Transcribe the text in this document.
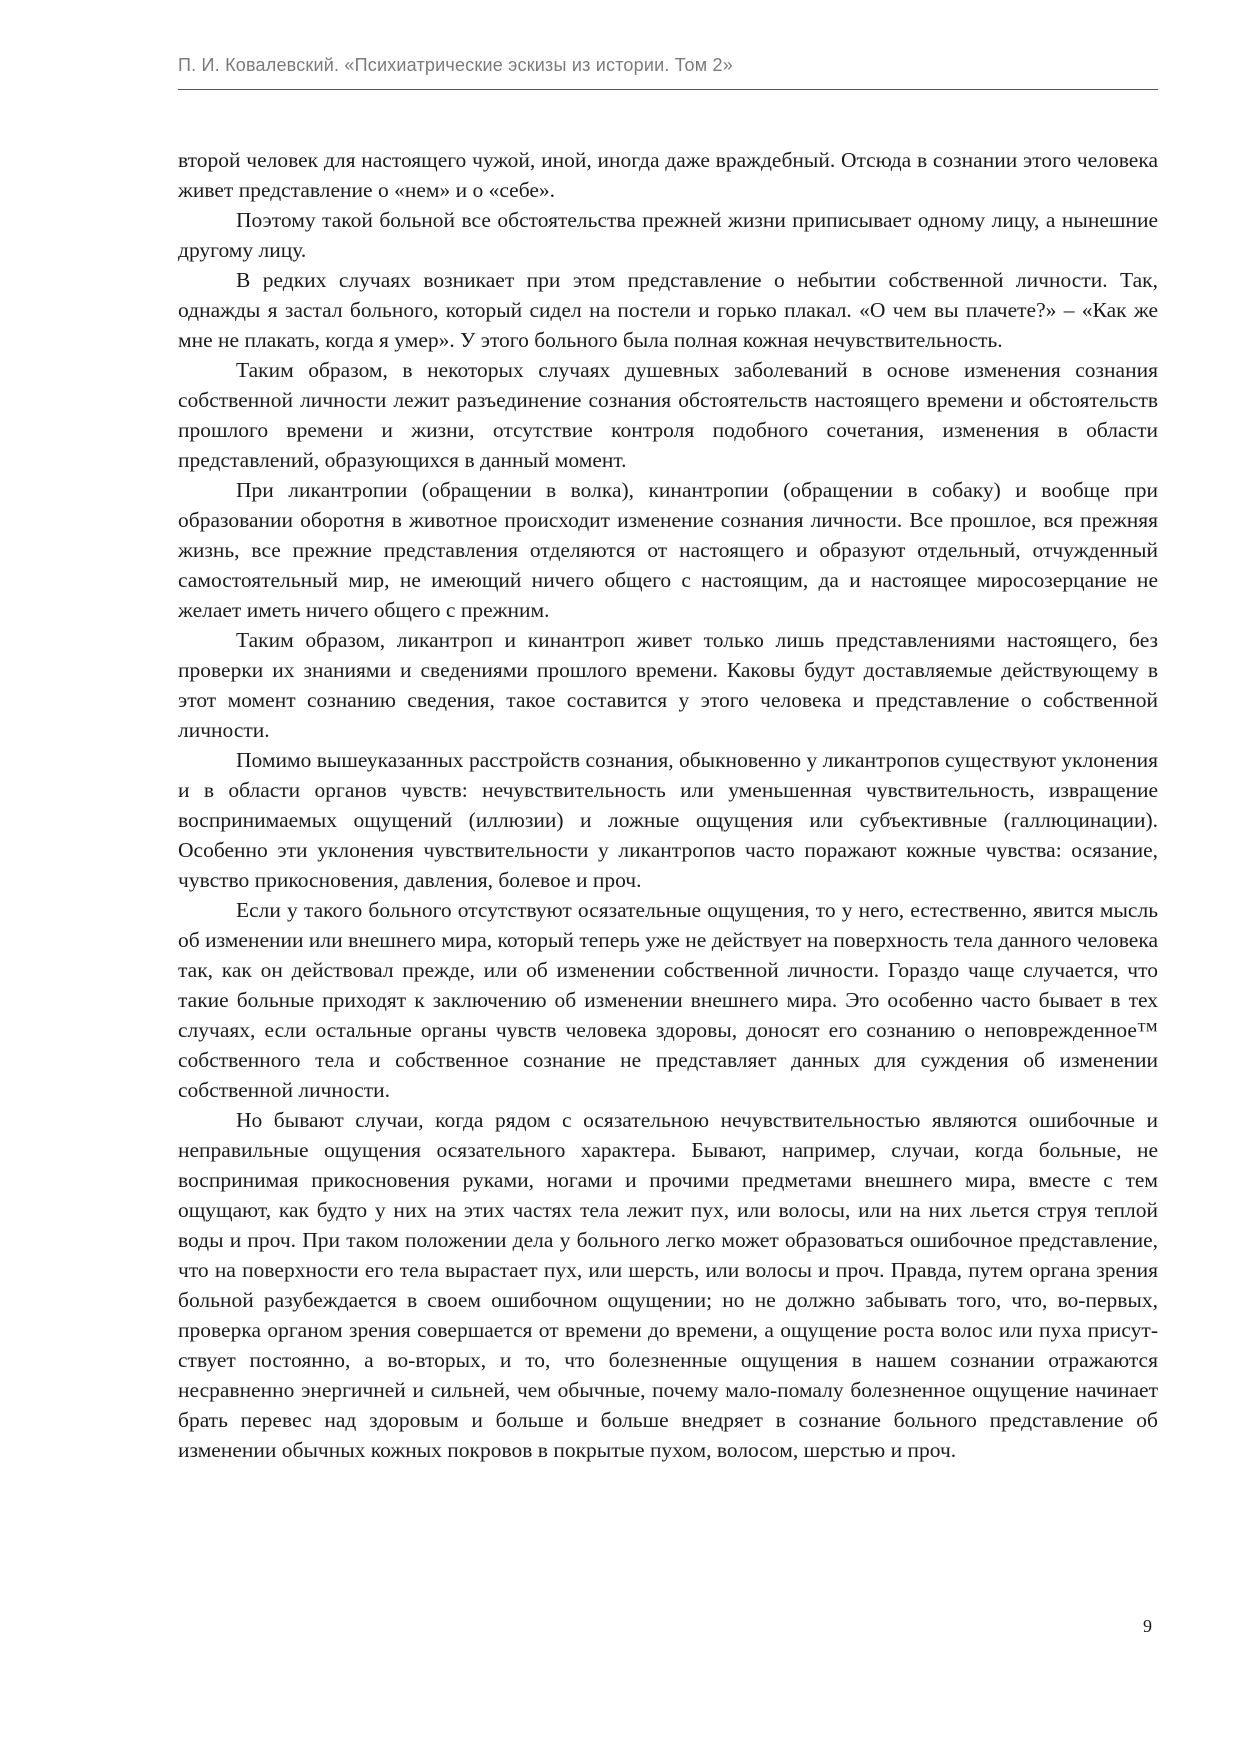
П. И. Ковалевский. «Психиатрические эскизы из истории. Том 2»

второй человек для настоящего чужой, иной, иногда даже враждебный. Отсюда в сознании этого человека живет представление о «нем» и о «себе».

Поэтому такой больной все обстоятельства прежней жизни приписывает одному лицу, а нынешние другому лицу.

В редких случаях возникает при этом представление о небытии собственной личности. Так, однажды я застал больного, который сидел на постели и горько плакал. «О чем вы плачете?» – «Как же мне не плакать, когда я умер». У этого больного была полная кожная нечувствительность.

Таким образом, в некоторых случаях душевных заболеваний в основе изменения сознания собственной личности лежит разъединение сознания обстоятельств настоящего времени и обстоятельств прошлого времени и жизни, отсутствие контроля подобного сочетания, изменения в области представлений, образующихся в данный момент.

При ликантропии (обращении в волка), кинантропии (обращении в собаку) и вообще при образовании оборотня в животное происходит изменение сознания личности. Все прошлое, вся прежняя жизнь, все прежние представления отделяются от настоящего и образуют отдельный, отчужденный самостоятельный мир, не имеющий ничего общего с настоящим, да и настоящее миросозерцание не желает иметь ничего общего с прежним.

Таким образом, ликантроп и кинантроп живет только лишь представлениями настоящего, без проверки их знаниями и сведениями прошлого времени. Каковы будут доставляемые действующему в этот момент сознанию сведения, такое составится у этого человека и представление о собственной личности.

Помимо вышеуказанных расстройств сознания, обыкновенно у ликантропов существуют уклонения и в области органов чувств: нечувствительность или уменьшенная чувствительность, извращение воспринимаемых ощущений (иллюзии) и ложные ощущения или субъективные (галлюцинации). Особенно эти уклонения чувствительности у ликантропов часто поражают кожные чувства: осязание, чувство прикосновения, давления, болевое и проч.

Если у такого больного отсутствуют осязательные ощущения, то у него, естественно, явится мысль об изменении или внешнего мира, который теперь уже не действует на поверхность тела данного человека так, как он действовал прежде, или об изменении собственной личности. Гораздо чаще случается, что такие больные приходят к заключению об изменении внешнего мира. Это особенно часто бывает в тех случаях, если остальные органы чувств человека здоровы, доносят его сознанию о неповрежденное™ собственного тела и собственное сознание не представляет данных для суждения об изменении собственной личности.

Но бывают случаи, когда рядом с осязательною нечувствительностью являются ошибочные и неправильные ощущения осязательного характера. Бывают, например, случаи, когда больные, не воспринимая прикосновения руками, ногами и прочими предметами внешнего мира, вместе с тем ощущают, как будто у них на этих частях тела лежит пух, или волосы, или на них льется струя теплой воды и проч. При таком положении дела у больного легко может образоваться ошибочное представление, что на поверхности его тела вырастает пух, или шерсть, или волосы и проч. Правда, путем органа зрения больной разубеждается в своем ошибочном ощущении; но не должно забывать того, что, во-первых, проверка органом зрения совершается от времени до времени, а ощущение роста волос или пуха присутствует постоянно, а во-вторых, и то, что болезненные ощущения в нашем сознании отражаются несравненно энергичней и сильней, чем обычные, почему мало-помалу болезненное ощущение начинает брать перевес над здоровым и больше и больше внедряет в сознание больного представление об изменении обычных кожных покровов в покрытые пухом, волосом, шерстью и проч.

9
